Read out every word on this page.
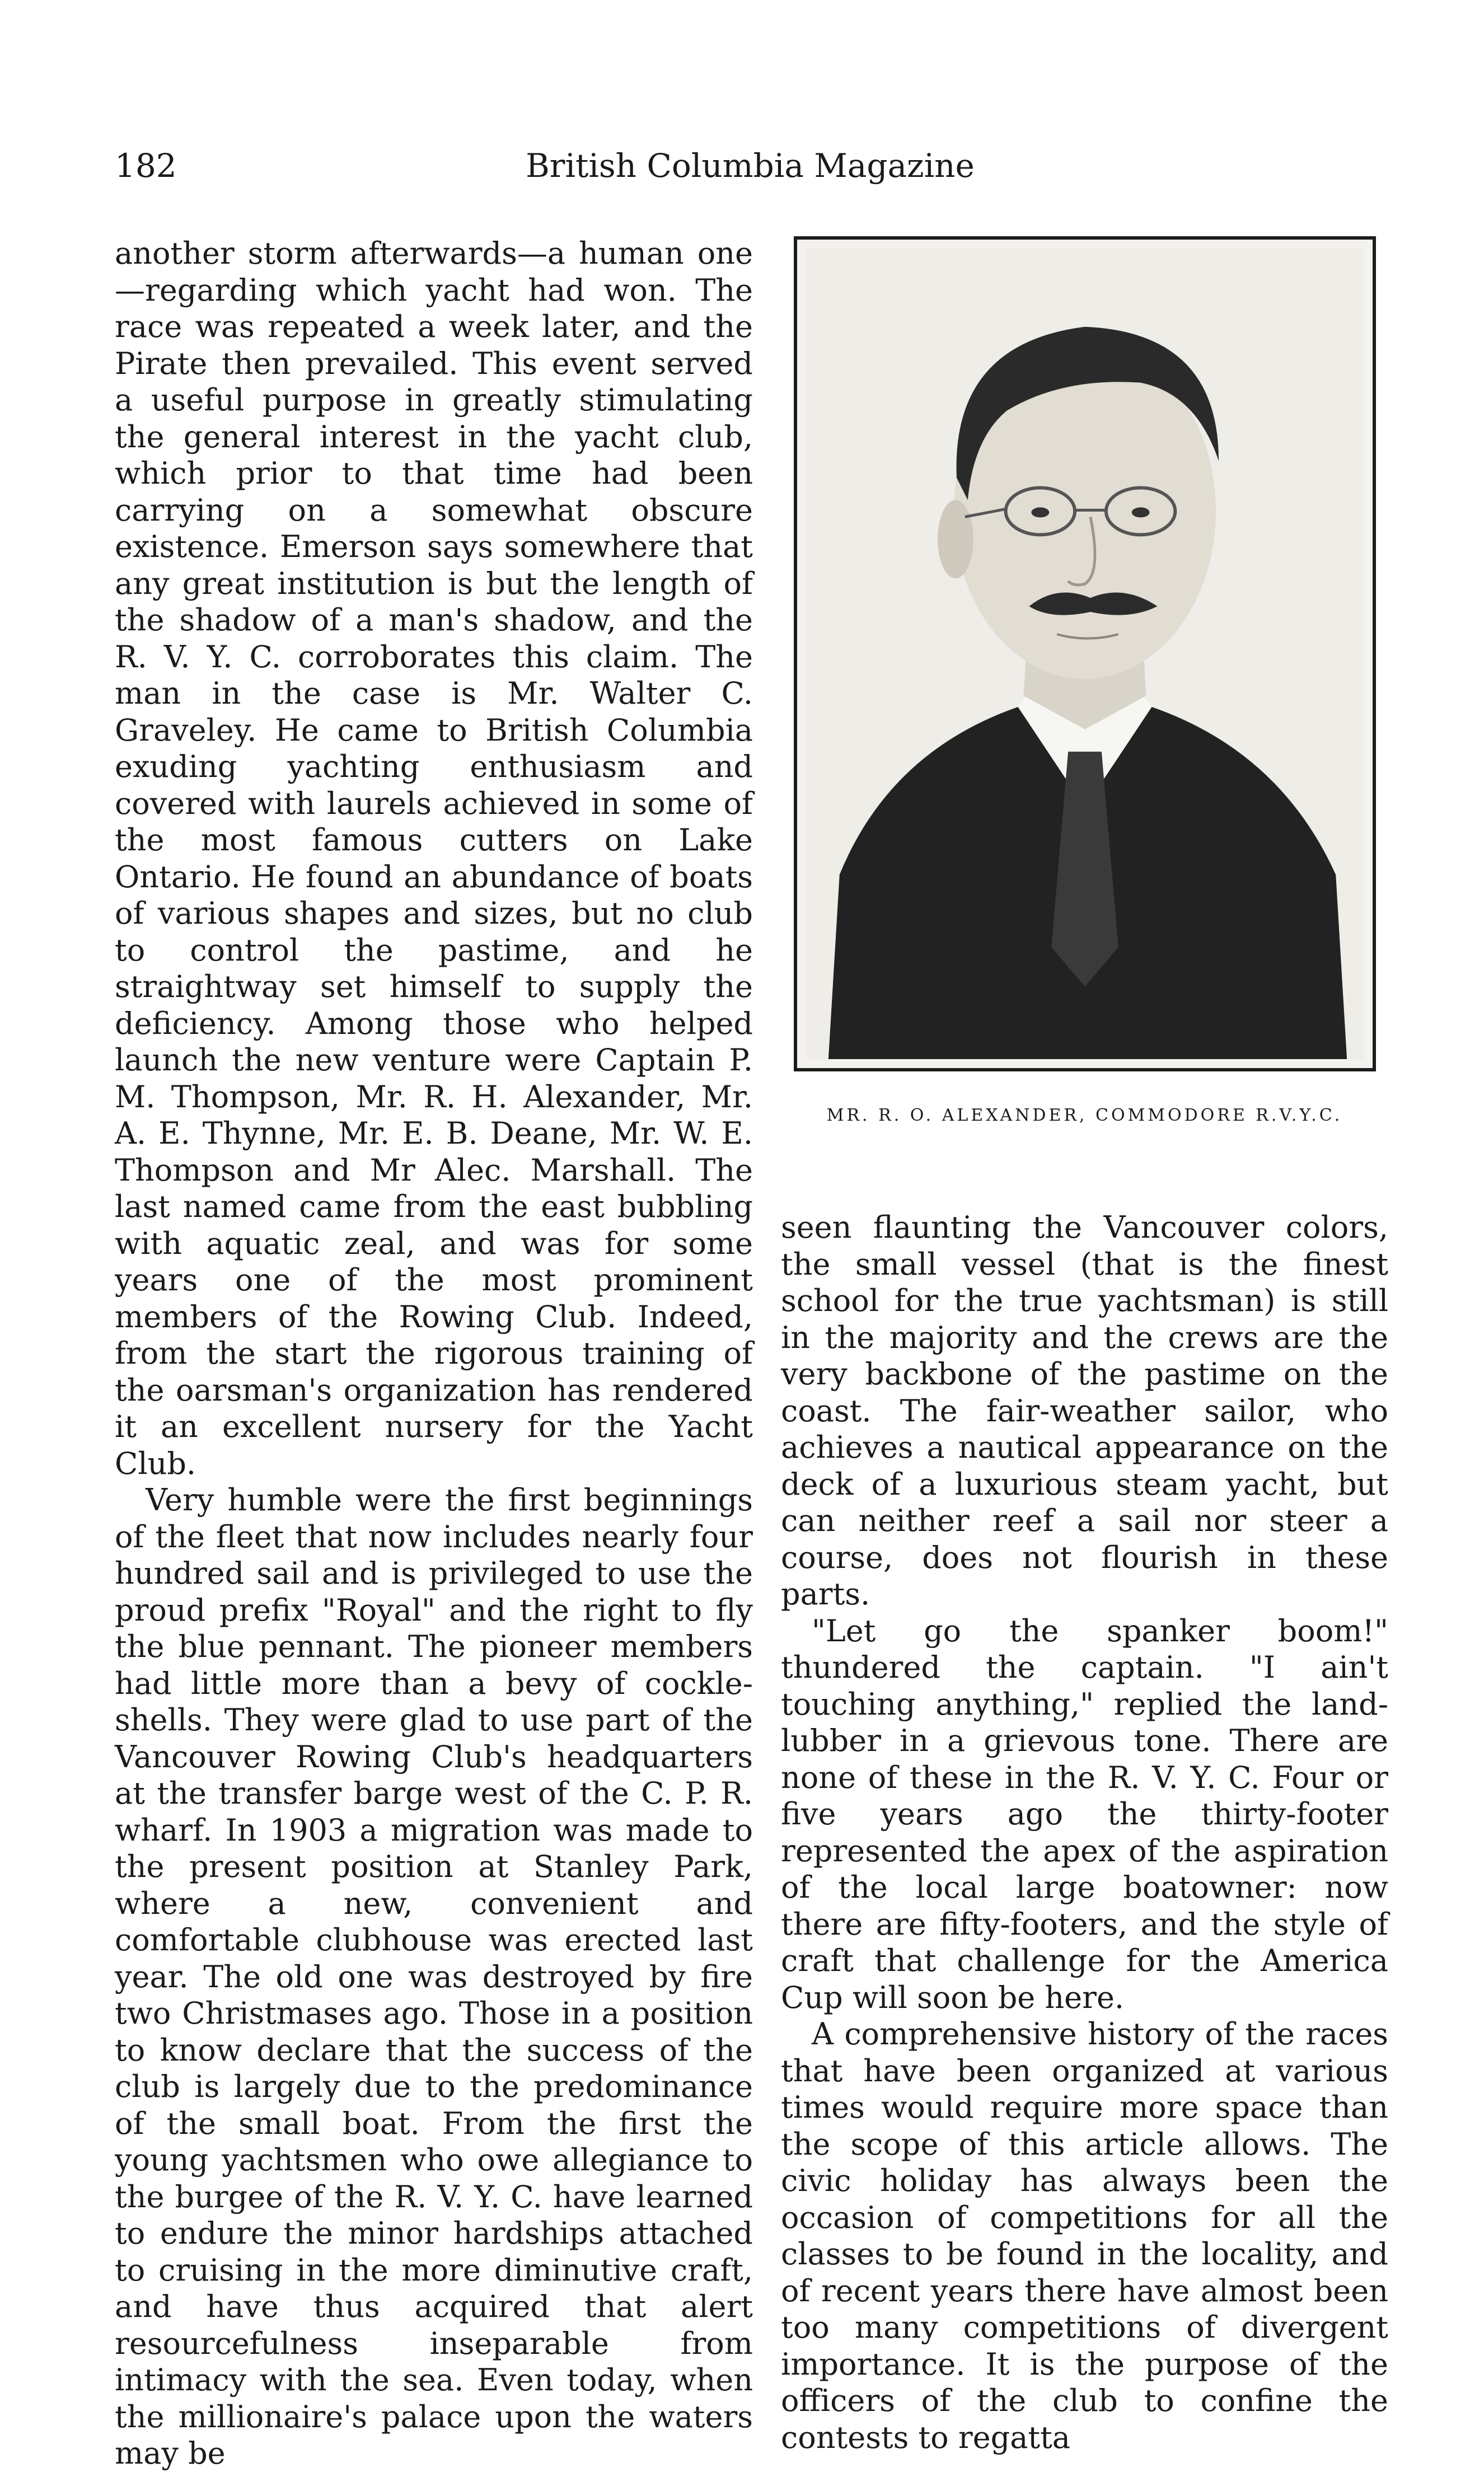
182	British Columbia Magazine

another storm afterwards—a human one—regarding which yacht had won. The race was repeated a week later, and the Pirate then prevailed. This event served a useful purpose in greatly stimulating the general interest in the yacht club, which prior to that time had been carrying on a somewhat obscure existence. Emerson says somewhere that any great institution is but the length of the shadow of a man's shadow, and the R. V. Y. C. corroborates this claim. The man in the case is Mr. Walter C. Graveley. He came to British Columbia exuding yachting enthusiasm and covered with laurels achieved in some of the most famous cutters on Lake Ontario. He found an abundance of boats of various shapes and sizes, but no club to control the pastime, and he straightway set himself to supply the deficiency. Among those who helped launch the new venture were Captain P. M. Thompson, Mr. R. H. Alexander, Mr. A. E. Thynne, Mr. E. B. Deane, Mr. W. E. Thompson and Mr Alec. Marshall. The last named came from the east bubbling with aquatic zeal, and was for some years one of the most prominent members of the Rowing Club. Indeed, from the start the rigorous training of the oarsman's organization has rendered it an excellent nursery for the Yacht Club.

Very humble were the first beginnings of the fleet that now includes nearly four hundred sail and is privileged to use the proud prefix "Royal" and the right to fly the blue pennant. The pioneer members had little more than a bevy of cockle-shells. They were glad to use part of the Vancouver Rowing Club's headquarters at the transfer barge west of the C. P. R. wharf. In 1903 a migration was made to the present position at Stanley Park, where a new, convenient and comfortable clubhouse was erected last year. The old one was destroyed by fire two Christmases ago. Those in a position to know declare that the success of the club is largely due to the predominance of the small boat. From the first the young yachtsmen who owe allegiance to the burgee of the R. V. Y. C. have learned to endure the minor hardships attached to cruising in the more diminutive craft, and have thus acquired that alert resourcefulness inseparable from intimacy with the sea. Even today, when the millionaire's palace upon the waters may be

MR. R. O. ALEXANDER, COMMODORE R.V.Y.C.

seen flaunting the Vancouver colors, the small vessel (that is the finest school for the true yachtsman) is still in the majority and the crews are the very backbone of the pastime on the coast. The fair-weather sailor, who achieves a nautical appearance on the deck of a luxurious steam yacht, but can neither reef a sail nor steer a course, does not flourish in these parts.

"Let go the spanker boom!" thundered the captain. "I ain't touching anything," replied the land-lubber in a grievous tone. There are none of these in the R. V. Y. C. Four or five years ago the thirty-footer represented the apex of the aspiration of the local large boatowner: now there are fifty-footers, and the style of craft that challenge for the America Cup will soon be here.

A comprehensive history of the races that have been organized at various times would require more space than the scope of this article allows. The civic holiday has always been the occasion of competitions for all the classes to be found in the locality, and of recent years there have almost been too many competitions of divergent importance. It is the purpose of the officers of the club to confine the contests to regatta
